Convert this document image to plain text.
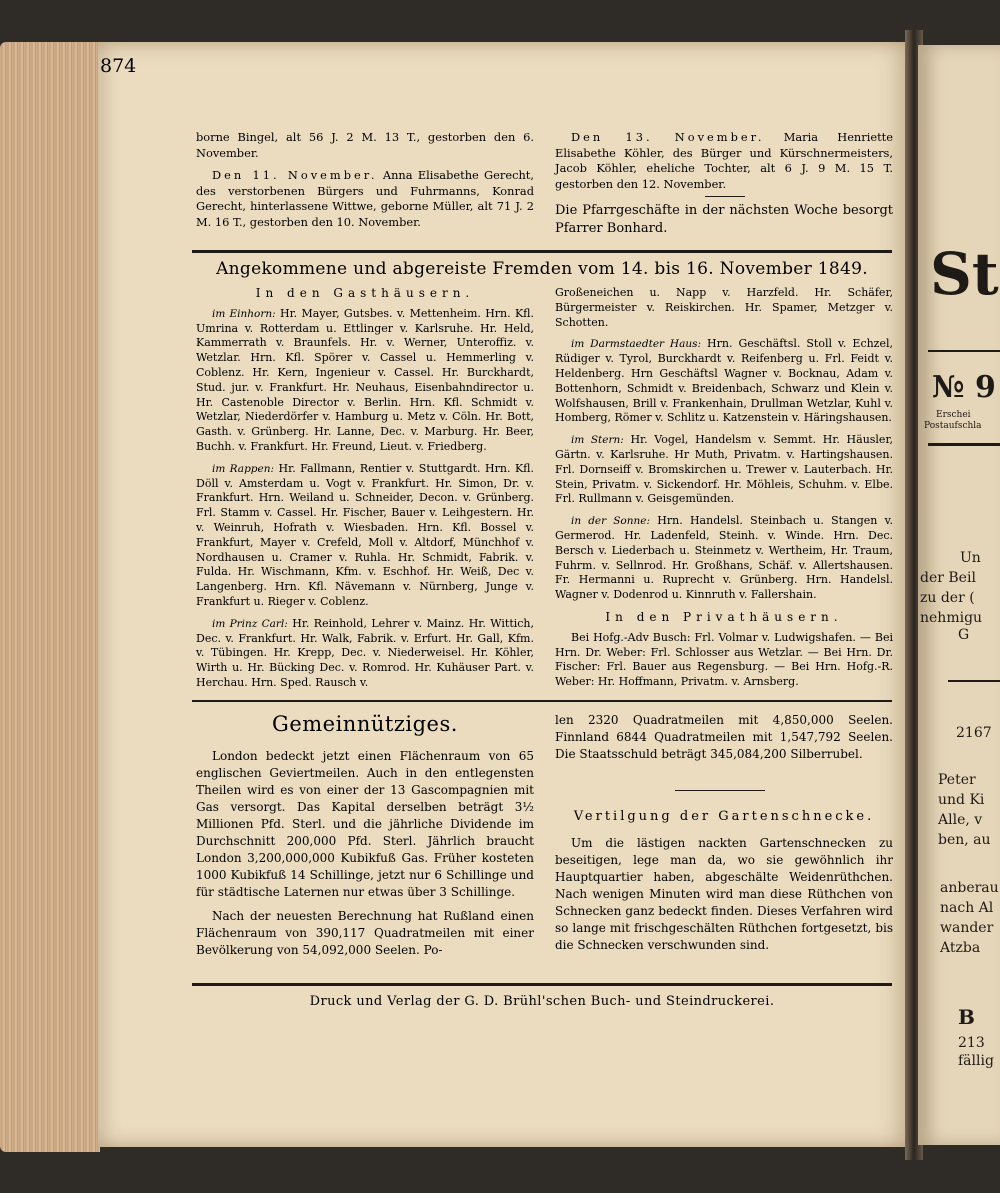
874

borne Bingel, alt 56 J. 2 M. 13 T., gestorben den 6. November.

Den 11. November. Anna Elisabethe Gerecht, des verstorbenen Bürgers und Fuhrmanns, Konrad Gerecht, hinterlassene Wittwe, geborne Müller, alt 71 J. 2 M. 16 T., gestorben den 10. November.

Den 13. November. Maria Henriette Elisabethe Köhler, des Bürger und Kürschnermeisters, Jacob Köhler, eheliche Tochter, alt 6 J. 9 M. 15 T. gestorben den 12. November.

Die Pfarrgeschäfte in der nächsten Woche besorgt Pfarrer Bonhard.
Angekommene und abgereiste Fremden vom 14. bis 16. November 1849.
In den Gasthäusern.

im Einhorn: Hr. Mayer, Gutsbes. v. Mettenheim. Hrn. Kfl. Umrina v. Rotterdam u. Ettlinger v. Karlsruhe. Hr. Held, Kammerrath v. Braunfels. Hr. v. Werner, Unteroffiz. v. Wetzlar. Hrn. Kfl. Spörer v. Cassel u. Hemmerling v. Coblenz. Hr. Kern, Ingenieur v. Cassel. Hr. Burckhardt, Stud. jur. v. Frankfurt. Hr. Neuhaus, Eisenbahndirector u. Hr. Castenoble Director v. Berlin. Hrn. Kfl. Schmidt v. Wetzlar, Niederdörfer v. Hamburg u. Metz v. Cöln. Hr. Bott, Gasth. v. Grünberg. Hr. Lanne, Dec. v. Marburg. Hr. Beer, Buchh. v. Frankfurt. Hr. Freund, Lieut. v. Friedberg.

im Rappen: Hr. Fallmann, Rentier v. Stuttgardt. Hrn. Kfl. Döll v. Amsterdam u. Vogt v. Frankfurt. Hr. Simon, Dr. v. Frankfurt. Hrn. Weiland u. Schneider, Decon. v. Grünberg. Frl. Stamm v. Cassel. Hr. Fischer, Bauer v. Leihgestern. Hr. v. Weinruh, Hofrath v. Wiesbaden. Hrn. Kfl. Bossel v. Frankfurt, Mayer v. Crefeld, Moll v. Altdorf, Münchhof v. Nordhausen u. Cramer v. Ruhla. Hr. Schmidt, Fabrik. v. Fulda. Hr. Wischmann, Kfm. v. Eschhof. Hr. Weiß, Dec v. Langenberg. Hrn. Kfl. Nävemann v. Nürnberg, Junge v. Frankfurt u. Rieger v. Coblenz.

im Prinz Carl: Hr. Reinhold, Lehrer v. Mainz. Hr. Wittich, Dec. v. Frankfurt. Hr. Walk, Fabrik. v. Erfurt. Hr. Gall, Kfm. v. Tübingen. Hr. Krepp, Dec. v. Niederweisel. Hr. Köhler, Wirth u. Hr. Bücking Dec. v. Romrod. Hr. Kuhäuser Part. v. Herchau. Hrn. Sped. Rausch v.

Großeneichen u. Napp v. Harzfeld. Hr. Schäfer, Bürgermeister v. Reiskirchen. Hr. Spamer, Metzger v. Schotten.

im Darmstaedter Haus: Hrn. Geschäftsl. Stoll v. Echzel, Rüdiger v. Tyrol, Burckhardt v. Reifenberg u. Frl. Feidt v. Heldenberg. Hrn Geschäftsl Wagner v. Bocknau, Adam v. Bottenhorn, Schmidt v. Breidenbach, Schwarz und Klein v. Wolfshausen, Brill v. Frankenhain, Drullman Wetzlar, Kuhl v. Homberg, Römer v. Schlitz u. Katzenstein v. Häringshausen.

im Stern: Hr. Vogel, Handelsm v. Semmt. Hr. Häusler, Gärtn. v. Karlsruhe. Hr Muth, Privatm. v. Hartingshausen. Frl. Dornseiff v. Bromskirchen u. Trewer v. Lauterbach. Hr. Stein, Privatm. v. Sickendorf. Hr. Möhleis, Schuhm. v. Elbe. Frl. Rullmann v. Geisgemünden.

in der Sonne: Hrn. Handelsl. Steinbach u. Stangen v. Germerod. Hr. Ladenfeld, Steinh. v. Winde. Hrn. Dec. Bersch v. Liederbach u. Steinmetz v. Wertheim, Hr. Traum, Fuhrm. v. Sellnrod. Hr. Großhans, Schäf. v. Allertshausen. Fr. Hermanni u. Ruprecht v. Grünberg. Hrn. Handelsl. Wagner v. Dodenrod u. Kinnruth v. Fallershain.

In den Privathäusern.

Bei Hofg.-Adv Busch: Frl. Volmar v. Ludwigshafen. — Bei Hrn. Dr. Weber: Frl. Schlosser aus Wetzlar. — Bei Hrn. Dr. Fischer: Frl. Bauer aus Regensburg. — Bei Hrn. Hofg.-R. Weber: Hr. Hoffmann, Privatm. v. Arnsberg.

Gemeinnütziges.

London bedeckt jetzt einen Flächenraum von 65 englischen Geviertmeilen. Auch in den entlegensten Theilen wird es von einer der 13 Gascompagnien mit Gas versorgt. Das Kapital derselben beträgt 3½ Millionen Pfd. Sterl. und die jährliche Dividende im Durchschnitt 200,000 Pfd. Sterl. Jährlich braucht London 3,200,000,000 Kubikfuß Gas. Früher kosteten 1000 Kubikfuß 14 Schillinge, jetzt nur 6 Schillinge und für städtische Laternen nur etwas über 3 Schillinge.

Nach der neuesten Berechnung hat Rußland einen Flächenraum von 390,117 Quadratmeilen mit einer Bevölkerung von 54,092,000 Seelen. Po-

len 2320 Quadratmeilen mit 4,850,000 Seelen. Finnland 6844 Quadratmeilen mit 1,547,792 Seelen. Die Staatsschuld beträgt 345,084,200 Silberrubel.

Vertilgung der Gartenschnecke.

Um die lästigen nackten Gartenschnecken zu beseitigen, lege man da, wo sie gewöhnlich ihr Hauptquartier haben, abgeschälte Weidenrüthchen. Nach wenigen Minuten wird man diese Rüthchen von Schnecken ganz bedeckt finden. Dieses Verfahren wird so lange mit frischgeschälten Rüthchen fortgesetzt, bis die Schnecken verschwunden sind.

Druck und Verlag der G. D. Brühl'schen Buch- und Steindruckerei.
St
№ 9
Erschei
Postaufschla
Un
der Beil
zu der (
nehmigu
G
2167
Peter
und Ki
Alle, v
ben, au
anberau
nach Al
wander
Atzba
B
213
fällig
